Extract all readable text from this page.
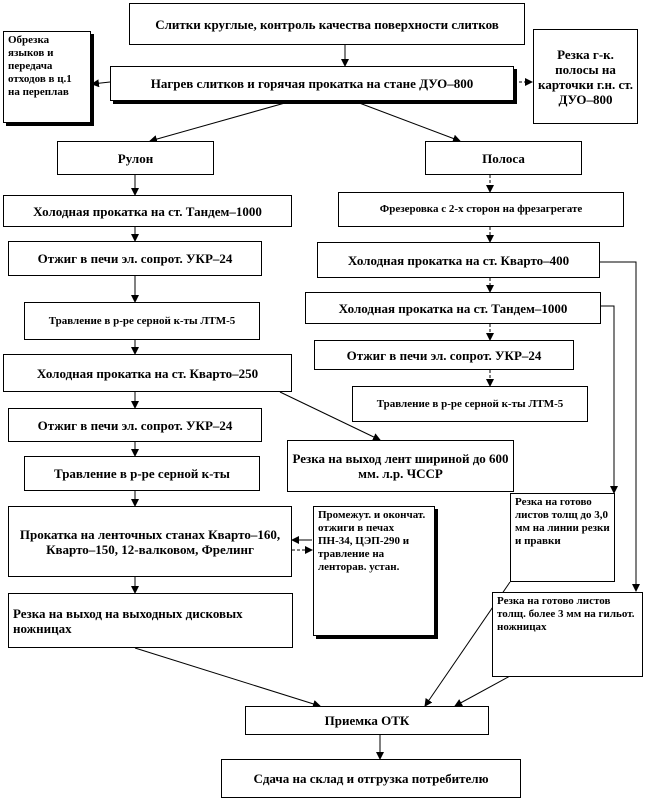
Слитки круглые, контроль качества поверхности слитков
Обрезка языков и передача отходов в ц.1 на переплав
Нагрев слитков и горячая прокатка на стане ДУО–800
Резка г-к. полосы на карточки г.н. ст. ДУО–800
Рулон	Полоса
Холодная прокатка на ст. Тандем–1000
Отжиг в печи эл. сопрот. УКР–24
Травление в р-ре серной к-ты ЛТМ-5
Холодная прокатка на ст. Кварто–250
Отжиг в печи эл. сопрот. УКР–24
Травление в р-ре серной к-ты
Прокатка на ленточных станах Кварто–160, Кварто–150, 12-валковом, Фрелинг
Промежут. и окончат. отжиги в печах ПН-34, ЦЭП-290 и травление на ленторав. устан.
Резка на выход на выходных дисковых ножницах
Фрезеровка с 2-х сторон на фрезагрегате
Холодная прокатка на ст. Кварто–400
Холодная прокатка на ст. Тандем–1000
Отжиг в печи эл. сопрот. УКР–24
Травление в р-ре серной к-ты ЛТМ-5
Резка на выход лент шириной до 600 мм. л.р. ЧССР
Резка на готово листов толщ до 3,0 мм на линии резки и правки
Резка на готово листов толщ. более 3 мм на гильот. ножницах
Приемка ОТК
Сдача на склад и отгрузка потребителю
